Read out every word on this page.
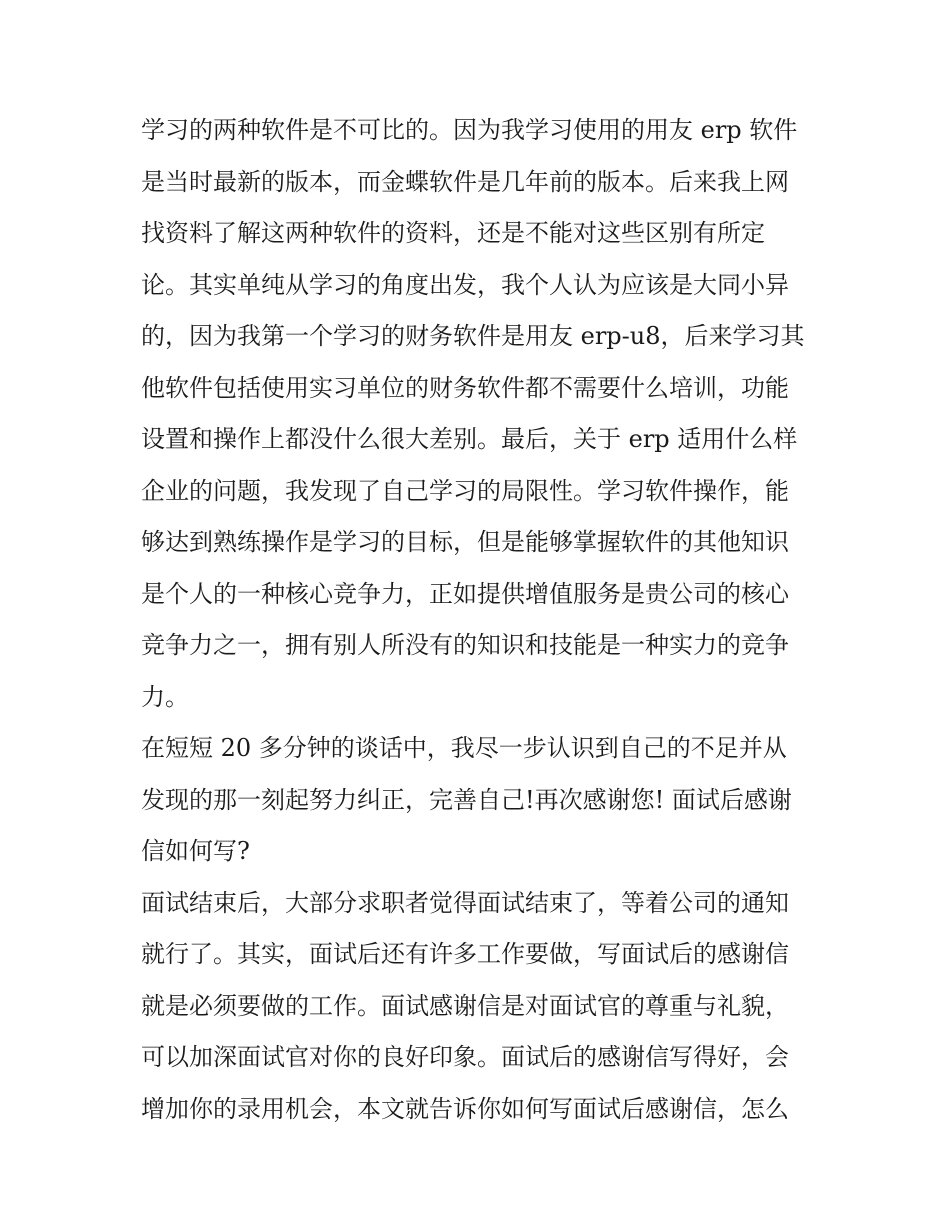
学习的两种软件是不可比的。因为我学习使用的用友 erp 软件
是当时最新的版本，而金蝶软件是几年前的版本。后来我上网
找资料了解这两种软件的资料，还是不能对这些区别有所定
论。其实单纯从学习的角度出发，我个人认为应该是大同小异
的，因为我第一个学习的财务软件是用友 erp-u8，后来学习其
他软件包括使用实习单位的财务软件都不需要什么培训，功能
设置和操作上都没什么很大差别。最后，关于 erp 适用什么样
企业的问题，我发现了自己学习的局限性。学习软件操作，能
够达到熟练操作是学习的目标，但是能够掌握软件的其他知识
是个人的一种核心竞争力，正如提供增值服务是贵公司的核心
竞争力之一，拥有别人所没有的知识和技能是一种实力的竞争
力。
在短短 20 多分钟的谈话中，我尽一步认识到自己的不足并从
发现的那一刻起努力纠正，完善自己!再次感谢您! 面试后感谢
信如何写?
面试结束后，大部分求职者觉得面试结束了，等着公司的通知
就行了。其实，面试后还有许多工作要做，写面试后的感谢信
就是必须要做的工作。面试感谢信是对面试官的尊重与礼貌，
可以加深面试官对你的良好印象。面试后的感谢信写得好，会
增加你的录用机会，本文就告诉你如何写面试后感谢信，怎么
